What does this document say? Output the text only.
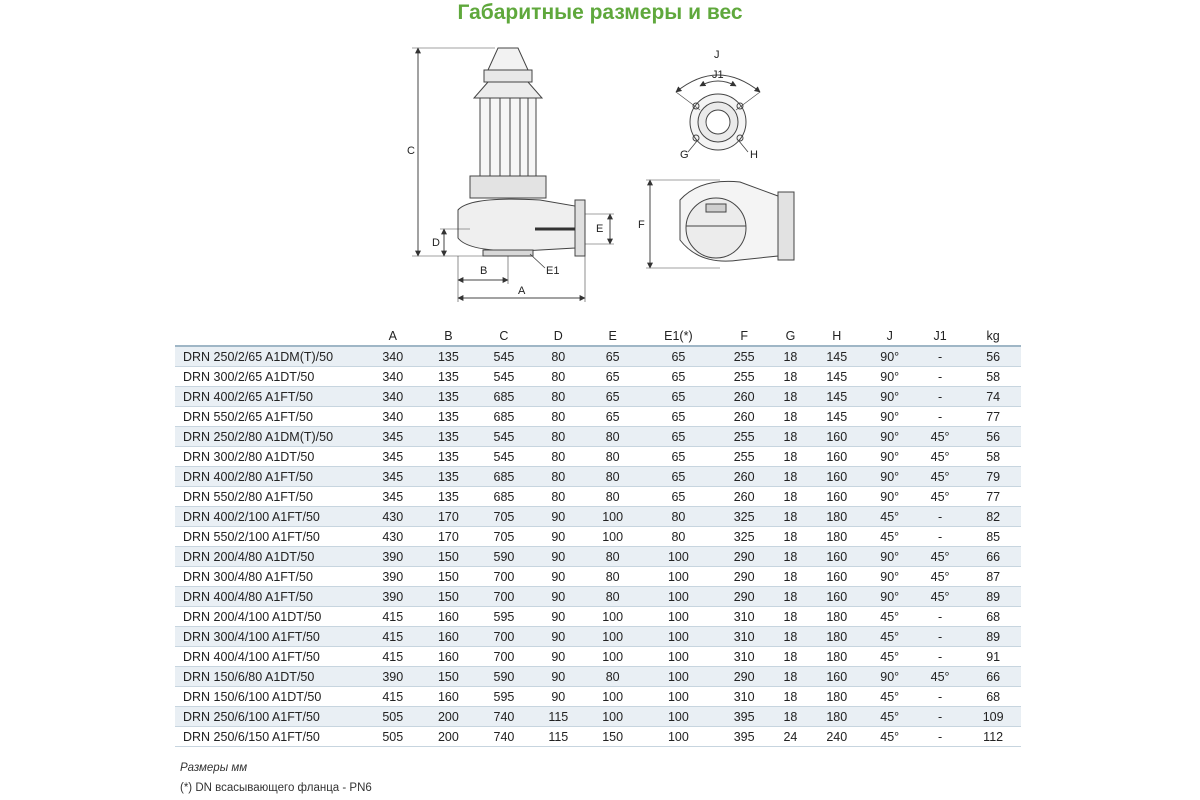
Габаритные размеры и вес
C
D
E
B
A
E1
J
J1
G	H
F
	A	B	C	D	E	E1(*)	F	G	H	J	J1	kg
DRN 250/2/65 A1DM(T)/50	340	135	545	80	65	65	255	18	145	90°	-	56
DRN 300/2/65 A1DT/50	340	135	545	80	65	65	255	18	145	90°	-	58
DRN 400/2/65 A1FT/50	340	135	685	80	65	65	260	18	145	90°	-	74
DRN 550/2/65 A1FT/50	340	135	685	80	65	65	260	18	145	90°	-	77
DRN 250/2/80 A1DM(T)/50	345	135	545	80	80	65	255	18	160	90°	45°	56
DRN 300/2/80 A1DT/50	345	135	545	80	80	65	255	18	160	90°	45°	58
DRN 400/2/80 A1FT/50	345	135	685	80	80	65	260	18	160	90°	45°	79
DRN 550/2/80 A1FT/50	345	135	685	80	80	65	260	18	160	90°	45°	77
DRN 400/2/100 A1FT/50	430	170	705	90	100	80	325	18	180	45°	-	82
DRN 550/2/100 A1FT/50	430	170	705	90	100	80	325	18	180	45°	-	85
DRN 200/4/80 A1DT/50	390	150	590	90	80	100	290	18	160	90°	45°	66
DRN 300/4/80 A1FT/50	390	150	700	90	80	100	290	18	160	90°	45°	87
DRN 400/4/80 A1FT/50	390	150	700	90	80	100	290	18	160	90°	45°	89
DRN 200/4/100 A1DT/50	415	160	595	90	100	100	310	18	180	45°	-	68
DRN 300/4/100 A1FT/50	415	160	700	90	100	100	310	18	180	45°	-	89
DRN 400/4/100 A1FT/50	415	160	700	90	100	100	310	18	180	45°	-	91
DRN 150/6/80 A1DT/50	390	150	590	90	80	100	290	18	160	90°	45°	66
DRN 150/6/100 A1DT/50	415	160	595	90	100	100	310	18	180	45°	-	68
DRN 250/6/100 A1FT/50	505	200	740	115	100	100	395	18	180	45°	-	109
DRN 250/6/150 A1FT/50	505	200	740	115	150	100	395	24	240	45°	-	112
Размеры мм
(*) DN всасывающего фланца - PN6
